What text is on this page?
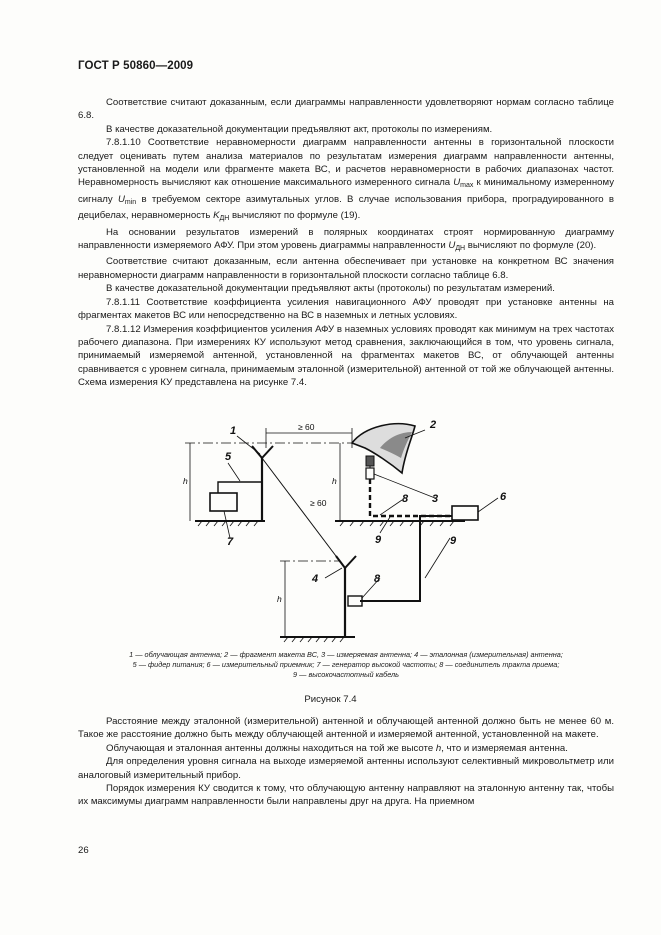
ГОСТ Р 50860—2009

Соответствие считают доказанным, если диаграммы направленности удовлетворяют нормам согласно таблице 6.8.

В качестве доказательной документации предъявляют акт, протоколы по измерениям.

7.8.1.10 Соответствие неравномерности диаграмм направленности антенны в горизонтальной плоскости следует оценивать путем анализа материалов по результатам измерения диаграмм направленности антенны, установленной на модели или фрагменте макета ВС, и расчетов неравномерности в рабочих диапазонах частот. Неравномерность вычисляют как отношение максимального измеренного сигнала $U_{max}$ к минимальному измеренному сигналу $U_{min}$ в требуемом секторе азимутальных углов. В случае использования прибора, проградуированного в децибелах, неравномерность $K_{ДН}$ вычисляют по формуле (19).

На основании результатов измерений в полярных координатах строят нормированную диаграмму направленности измеряемого АФУ. При этом уровень диаграммы направленности $U_{ДН}$ вычисляют по формуле (20).

Соответствие считают доказанным, если антенна обеспечивает при установке на конкретном ВС значения неравномерности диаграмм направленности в горизонтальной плоскости согласно таблице 6.8.

В качестве доказательной документации предъявляют акты (протоколы) по результатам измерений.

7.8.1.11 Соответствие коэффициента усиления навигационного АФУ проводят при установке антенны на фрагментах макетов ВС или непосредственно на ВС в наземных и летных условиях.

7.8.1.12 Измерения коэффициентов усиления АФУ в наземных условиях проводят как минимум на трех частотах рабочего диапазона. При измерениях КУ используют метод сравнения, заключающийся в том, что уровень сигнала, принимаемый измеряемой антенной, установленной на фрагментах макетов ВС, от облучающей антенны сравнивается с уровнем сигнала, принимаемым эталонной (измерительной) антенной от той же облучающей антенны. Схема измерения КУ представлена на рисунке 7.4.

1	2
3
4
5
6
7
8
8
9	9
≥ 60
≥ 60
h	h
h
1 — облучающая антенна; 2 — фрагмент макета ВС, 3 — измеряемая антенна; 4 — эталонная (измерительная) антенна;
5 — фидер питания; 6 — измерительный приемник; 7 — генератор высокой частоты; 8 — соединитель тракта приема;
9 — высокочастотный кабель
Рисунок 7.4

Расстояние между эталонной (измерительной) антенной и облучающей антенной должно быть не менее 60 м. Такое же расстояние должно быть между облучающей антенной и измеряемой антенной, установленной на макете.

Облучающая и эталонная антенны должны находиться на той же высоте h, что и измеряемая антенна.

Для определения уровня сигнала на выходе измеряемой антенны используют селективный микровольтметр или аналоговый измерительный прибор.

Порядок измерения КУ сводится к тому, что облучающую антенну направляют на эталонную антенну так, чтобы их максимумы диаграмм направленности были направлены друг на друга. На приемном

26
